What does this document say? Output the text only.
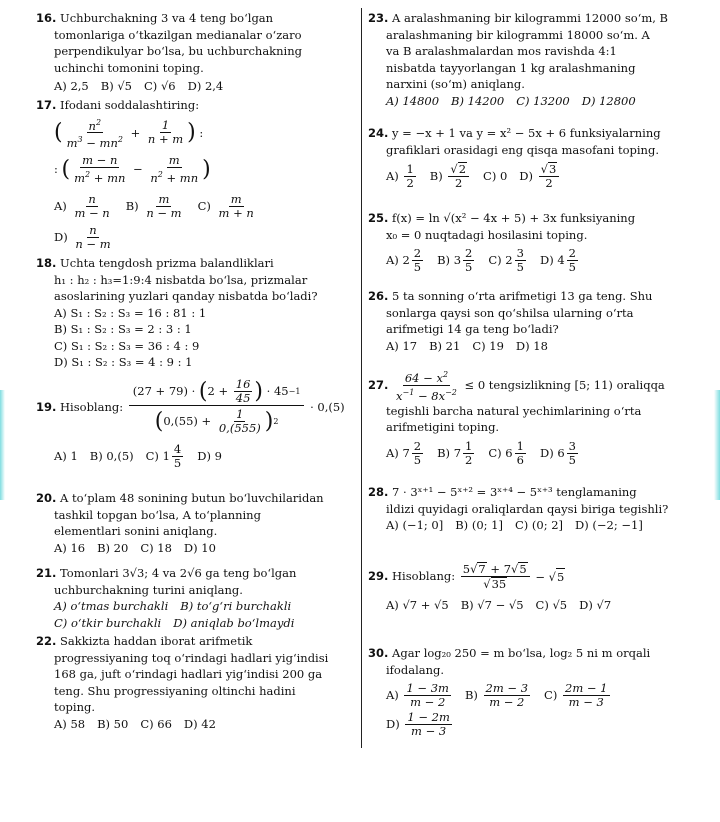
16. Uchburchakning 3 va 4 teng bo‘lgan
tomonlariga o‘tkazilgan medianalar o‘zaro
perpendikulyar bo‘lsa, bu uchburchakning
uchinchi tomonini toping.
A) 2,5 B) √5 C) √6 D) 2,4
17. Ifodani soddalashtiring:
( $n^2$
$m^3 - mn^2$
+ $\frac{1}{n + m}$ ) :
: ( m − n
$m^2$ + mn
− $\frac{m}{n^2 + mn}$ )
A)

n
m − n B)

m
n − m C)

m
m + n
D)

n
n − m
18. Uchta tengdosh prizma balandliklari
h₁ : h₂ : h₃=1:9:4 nisbatda bo‘lsa, prizmalar
asoslarining yuzlari qanday nisbatda bo‘ladi?
A) S₁ : S₂ : S₃ = 16 : 81 : 1
B) S₁ : S₂ : S₃ = 2 : 3 : 1
C) S₁ : S₂ : S₃ = 36 : 4 : 9
D) S₁ : S₂ : S₃ = 4 : 9 : 1
19.
Hisoblang:

(27 + 79) · ( 2 + 16
45 ) · 45 −1
( 0,(55) + 1
0,(555) ) 2
· 0,(5)
A) 1 B) 0,(5) C) 1
4
5 D) 9
20. A to‘plam 48 sonining butun bo‘luvchilaridan
tashkil topgan bo‘lsa, A to‘planning
elementlari sonini aniqlang.
A) 16 B) 20 C) 18 D) 10
21. Tomonlari 3√3; 4 va 2√6 ga teng bo‘lgan
uchburchakning turini aniqlang.
A) o‘tmas burchakli B) to‘g‘ri burchakli
C) o‘tkir burchakli D) aniqlab bo‘lmaydi
22. Sakkizta haddan iborat arifmetik
progressiyaning toq o‘rindagi hadlari yig‘indisi
168 ga, juft o‘rindagi hadlari yig‘indisi 200 ga
teng. Shu progressiyaning oltinchi hadini
toping.
A) 58 B) 50 C) 66 D) 42
23. A aralashmaning bir kilogrammi 12000 so‘m, B
aralashmaning bir kilogrammi 18000 so‘m. A
va B aralashmalardan mos ravishda 4:1
nisbatda tayyorlangan 1 kg aralashmaning
narxini (so‘m) aniqlang.
A) 14800 B) 14200 C) 13200 D) 12800
24. y = −x + 1 va y = x² − 5x + 6 funksiyalarning
grafiklari orasidagi eng qisqa masofani toping.
A)

1
2 B) √2
2
C) 0 D)
√3
2
25. f(x) = ln √(x² − 4x + 5) + 3x funksiyaning
x₀ = 0 nuqtadagi hosilasini toping.
A) 2
2
5 B) 3
2
5 C) 2
3
5 D) 4
2
5
26. 5 ta sonning o‘rta arifmetigi 13 ga teng. Shu
sonlarga qaysi son qo‘shilsa ularning o‘rta
arifmetigi 14 ga teng bo‘ladi?
A) 17 B) 21 C) 19 D) 18
27.
$\frac{64 - x^2}{x^{-1} - 8x^{-2}}$
≤ 0 tengsizlikning [5; 11) oraliqqa
tegishli barcha natural yechimlarining o‘rta
arifmetigini toping.
A) 7
2
5 B) 7
1
2 C) 6
1
6 D) 6
3
5
28. 7 · 3ˣ⁺¹ − 5ˣ⁺² = 3ˣ⁺⁴ − 5ˣ⁺³ tenglamaning
ildizi quyidagi oraliqlardan qaysi biriga tegishli?
A) (−1; 0] B) (0; 1] C) (0; 2] D) (−2; −1]
29.
Hisoblang:

5√7 + 7√5
√35
− √5
A) √7 + √5 B) √7 − √5 C) √5 D) √7
30. Agar log₂₀ 250 = m bo‘lsa, log₂ 5 ni m orqali
ifodalang.
A)

1 − 3m
m − 2 B)

2m − 3
m − 2 C)

2m − 1
m − 3
D)

1 − 2m
m − 3
